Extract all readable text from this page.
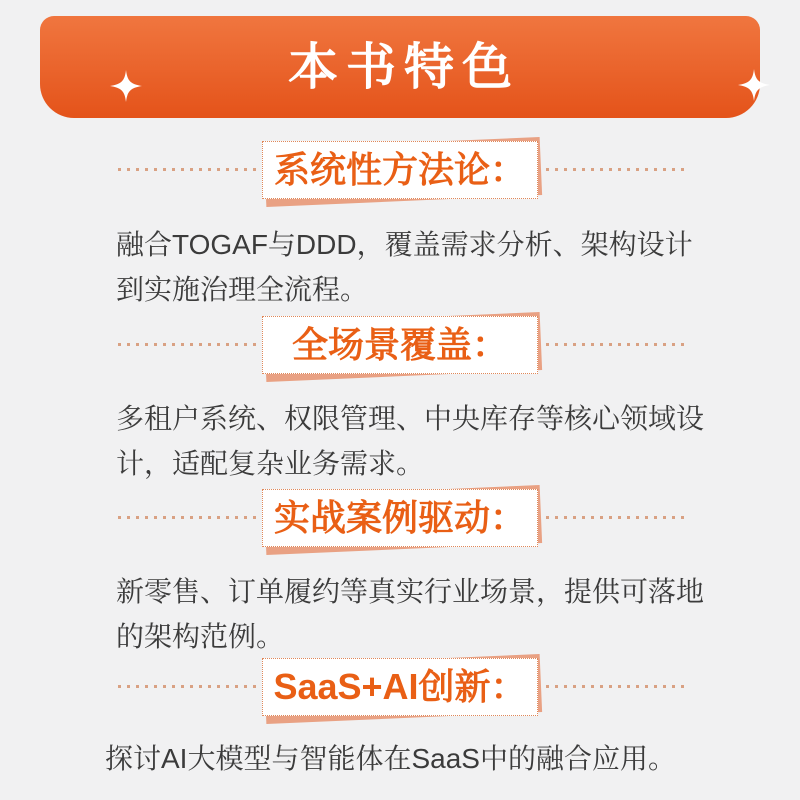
本书特色
系统性方法论：
融合TOGAF与DDD，覆盖需求分析、架构设计
到实施治理全流程。
全场景覆盖：
多租户系统、权限管理、中央库存等核心领域设
计，适配复杂业务需求。
实战案例驱动：
新零售、订单履约等真实行业场景，提供可落地
的架构范例。
SaaS+AI创新：
探讨AI大模型与智能体在SaaS中的融合应用。
